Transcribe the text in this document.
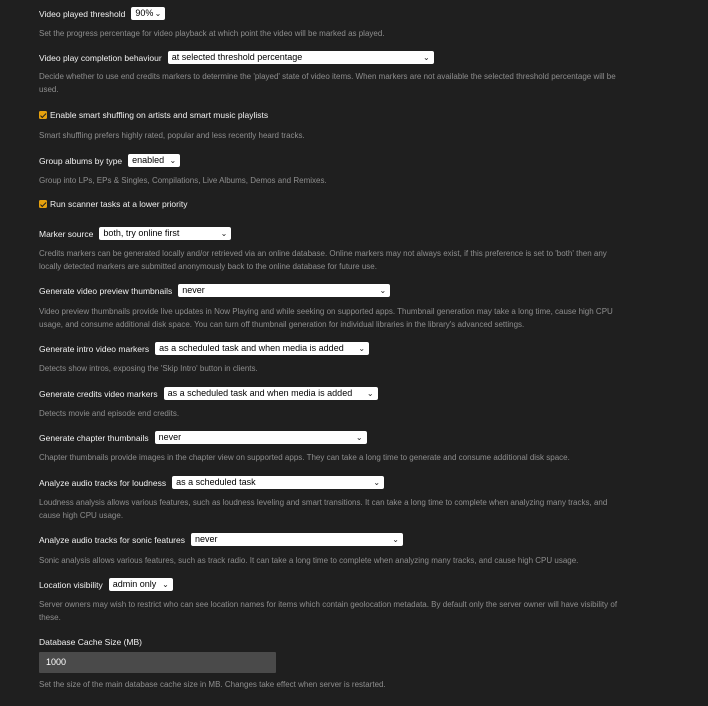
Video played threshold	90% ⌄
Set the progress percentage for video playback at which point the video will be marked as played.
Video play completion behaviour	at selected threshold percentage	⌄
Decide whether to use end credits markers to determine the 'played' state of video items. When markers are not available the selected threshold percentage will be used.
Enable smart shuffling on artists and smart music playlists
Smart shuffling prefers highly rated, popular and less recently heard tracks.
Group albums by type	enabled ⌄
Group into LPs, EPs & Singles, Compilations, Live Albums, Demos and Remixes.
Run scanner tasks at a lower priority
Marker source	both, try online first	⌄
Credits markers can be generated locally and/or retrieved via an online database. Online markers may not always exist, if this preference is set to 'both' then any locally detected markers are submitted anonymously back to the online database for future use.
Generate video preview thumbnails	never	⌄
Video preview thumbnails provide live updates in Now Playing and while seeking on supported apps. Thumbnail generation may take a long time, cause high CPU usage, and consume additional disk space. You can turn off thumbnail generation for individual libraries in the library's advanced settings.
Generate intro video markers	as a scheduled task and when media is added ⌄
Detects show intros, exposing the 'Skip Intro' button in clients.
Generate credits video markers	as a scheduled task and when media is added ⌄
Detects movie and episode end credits.
Generate chapter thumbnails	never	⌄
Chapter thumbnails provide images in the chapter view on supported apps. They can take a long time to generate and consume additional disk space.
Analyze audio tracks for loudness	as a scheduled task	⌄
Loudness analysis allows various features, such as loudness leveling and smart transitions. It can take a long time to complete when analyzing many tracks, and cause high CPU usage.
Analyze audio tracks for sonic features	never	⌄
Sonic analysis allows various features, such as track radio. It can take a long time to complete when analyzing many tracks, and cause high CPU usage.
Location visibility	admin only ⌄
Server owners may wish to restrict who can see location names for items which contain geolocation metadata. By default only the server owner will have visibility of these.
Database Cache Size (MB)
1000
Set the size of the main database cache size in MB. Changes take effect when server is restarted.
